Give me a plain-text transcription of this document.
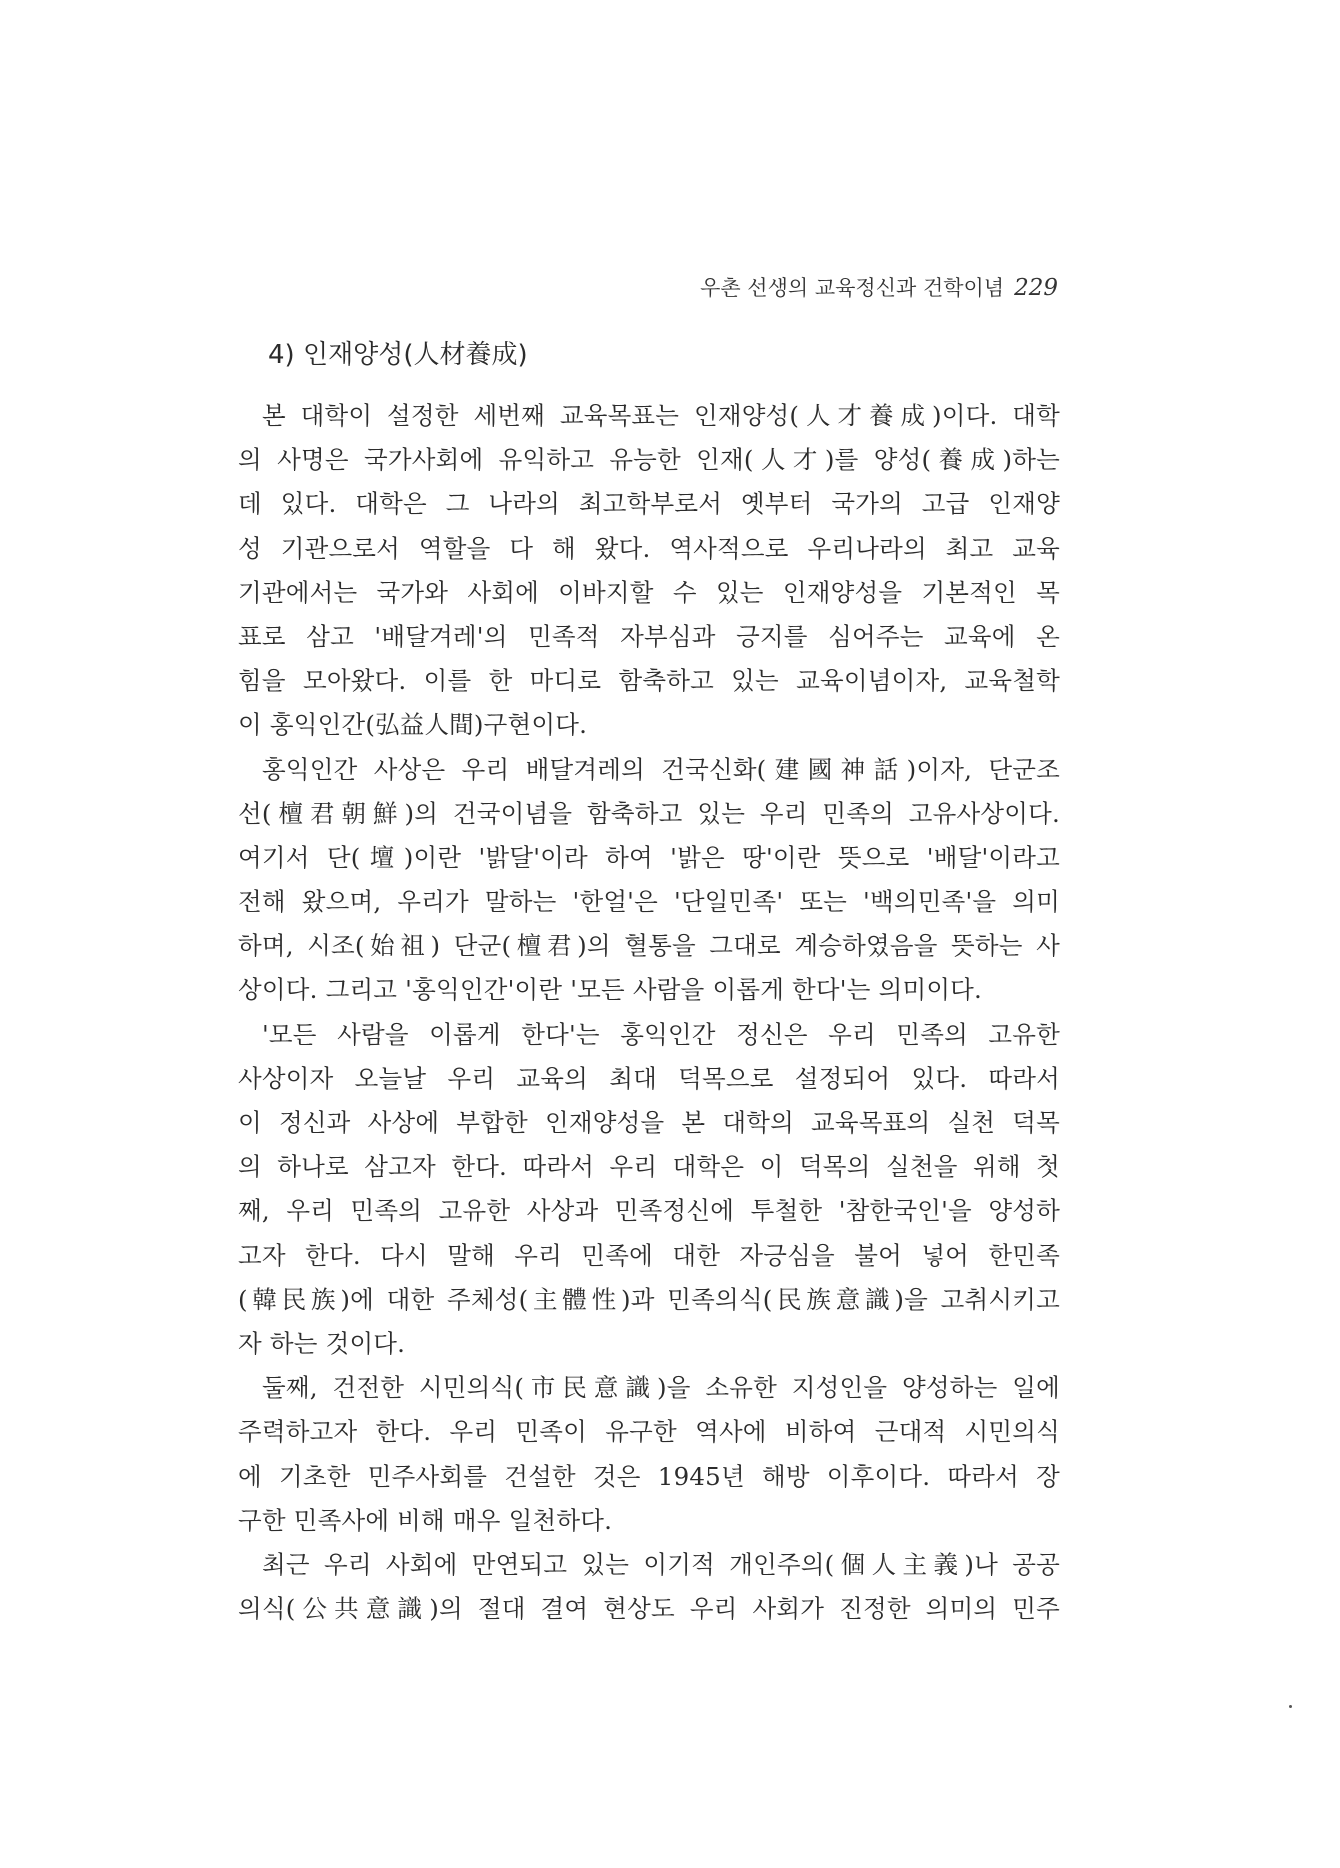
우촌 선생의 교육정신과 건학이념 229
4) 인재양성(人材養成)
본 대학이 설정한 세번째 교육목표는 인재양성(人才養成)이다. 대학
의 사명은 국가사회에 유익하고 유능한 인재(人才)를 양성(養成)하는
데 있다. 대학은 그 나라의 최고학부로서 옛부터 국가의 고급 인재양
성 기관으로서 역할을 다 해 왔다. 역사적으로 우리나라의 최고 교육
기관에서는 국가와 사회에 이바지할 수 있는 인재양성을 기본적인 목
표로 삼고 '배달겨레'의 민족적 자부심과 긍지를 심어주는 교육에 온
힘을 모아왔다. 이를 한 마디로 함축하고 있는 교육이념이자, 교육철학
이 홍익인간(弘益人間)구현이다.
홍익인간 사상은 우리 배달겨레의 건국신화(建國神話)이자, 단군조
선(檀君朝鮮)의 건국이념을 함축하고 있는 우리 민족의 고유사상이다.
여기서 단(壇)이란 '밝달'이라 하여 '밝은 땅'이란 뜻으로 '배달'이라고
전해 왔으며, 우리가 말하는 '한얼'은 '단일민족' 또는 '백의민족'을 의미
하며, 시조(始祖) 단군(檀君)의 혈통을 그대로 계승하였음을 뜻하는 사
상이다. 그리고 '홍익인간'이란 '모든 사람을 이롭게 한다'는 의미이다.
'모든 사람을 이롭게 한다'는 홍익인간 정신은 우리 민족의 고유한
사상이자 오늘날 우리 교육의 최대 덕목으로 설정되어 있다. 따라서
이 정신과 사상에 부합한 인재양성을 본 대학의 교육목표의 실천 덕목
의 하나로 삼고자 한다. 따라서 우리 대학은 이 덕목의 실천을 위해 첫
째, 우리 민족의 고유한 사상과 민족정신에 투철한 '참한국인'을 양성하
고자 한다. 다시 말해 우리 민족에 대한 자긍심을 불어 넣어 한민족
(韓民族)에 대한 주체성(主體性)과 민족의식(民族意識)을 고취시키고
자 하는 것이다.
둘째, 건전한 시민의식(市民意識)을 소유한 지성인을 양성하는 일에
주력하고자 한다. 우리 민족이 유구한 역사에 비하여 근대적 시민의식
에 기초한 민주사회를 건설한 것은 1945년 해방 이후이다. 따라서 장
구한 민족사에 비해 매우 일천하다.
최근 우리 사회에 만연되고 있는 이기적 개인주의(個人主義)나 공공
의식(公共意識)의 절대 결여 현상도 우리 사회가 진정한 의미의 민주
